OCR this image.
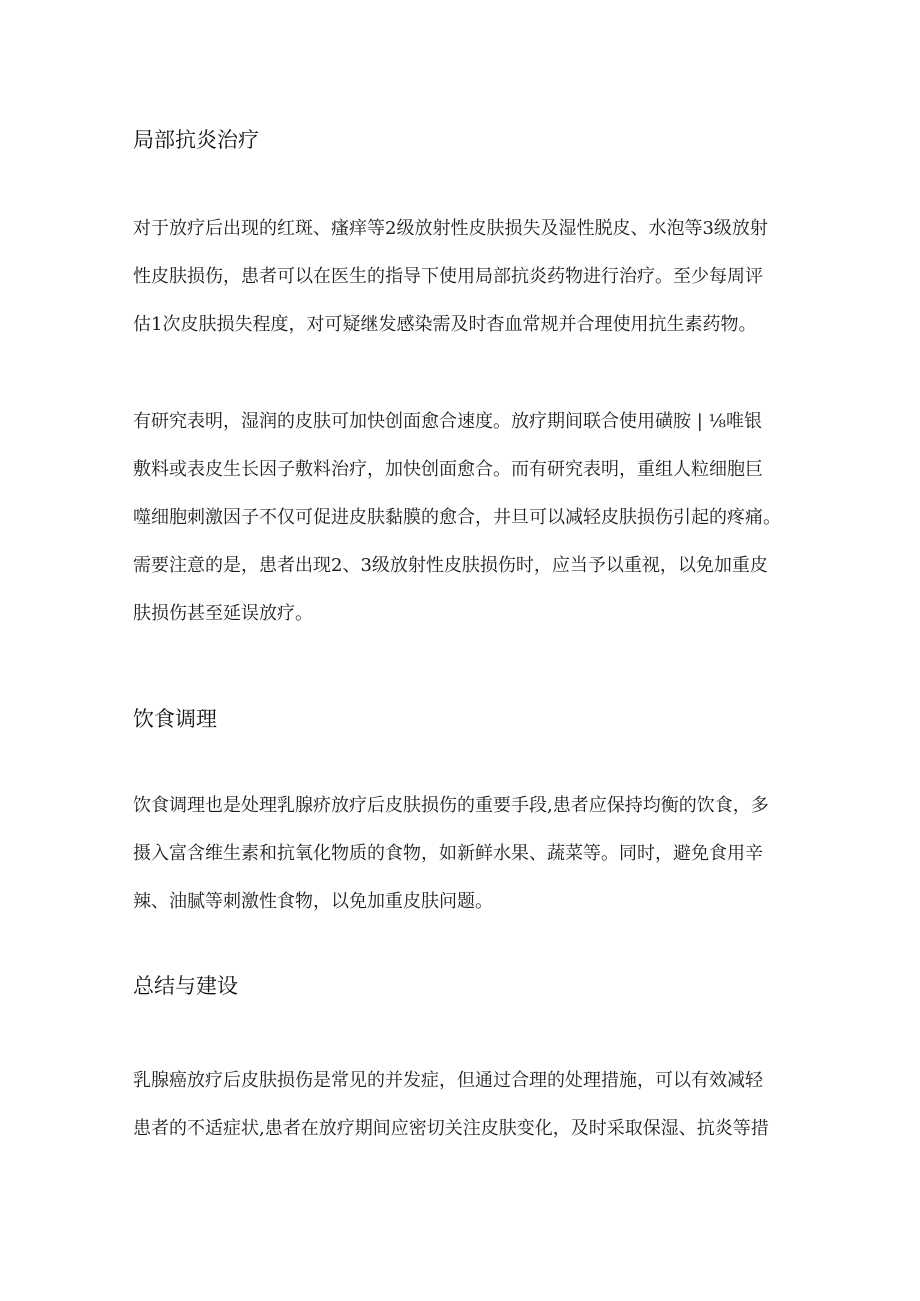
局部抗炎治疗

对于放疗后出现的红斑、瘙痒等2级放射性皮肤损失及湿性脱皮、水泡等3级放射
性皮肤损伤，患者可以在医生的指导下使用局部抗炎药物进行治疗。至少每周评
估1次皮肤损失程度，对可疑继发感染需及时杳血常规并合理使用抗生素药物。

有研究表明，湿润的皮肤可加快创面愈合速度。放疗期间联合使用磺胺 | ⅛唯银
敷料或表皮生长因子敷料治疗，加快创面愈合。而有研究表明，重组人粒细胞巨
噬细胞刺激因子不仅可促进皮肤黏膜的愈合，井旦可以减轻皮肤损伤引起的疼痛。
需要注意的是，患者出现2、3级放射性皮肤损伤时，应当予以重视，以免加重皮
肤损伤甚至延误放疗。

饮食调理

饮食调理也是处理乳腺疥放疗后皮肤损伤的重要手段,患者应保持均衡的饮食，多
摄入富含维生素和抗氧化物质的食物，如新鲜水果、蔬菜等。同时，避免食用辛
辣、油腻等刺激性食物，以免加重皮肤问题。

总结与建设

乳腺癌放疗后皮肤损伤是常见的并发症，但通过合理的处理措施，可以有效减轻
患者的不适症状,患者在放疗期间应密切关注皮肤变化，及时采取保湿、抗炎等措
